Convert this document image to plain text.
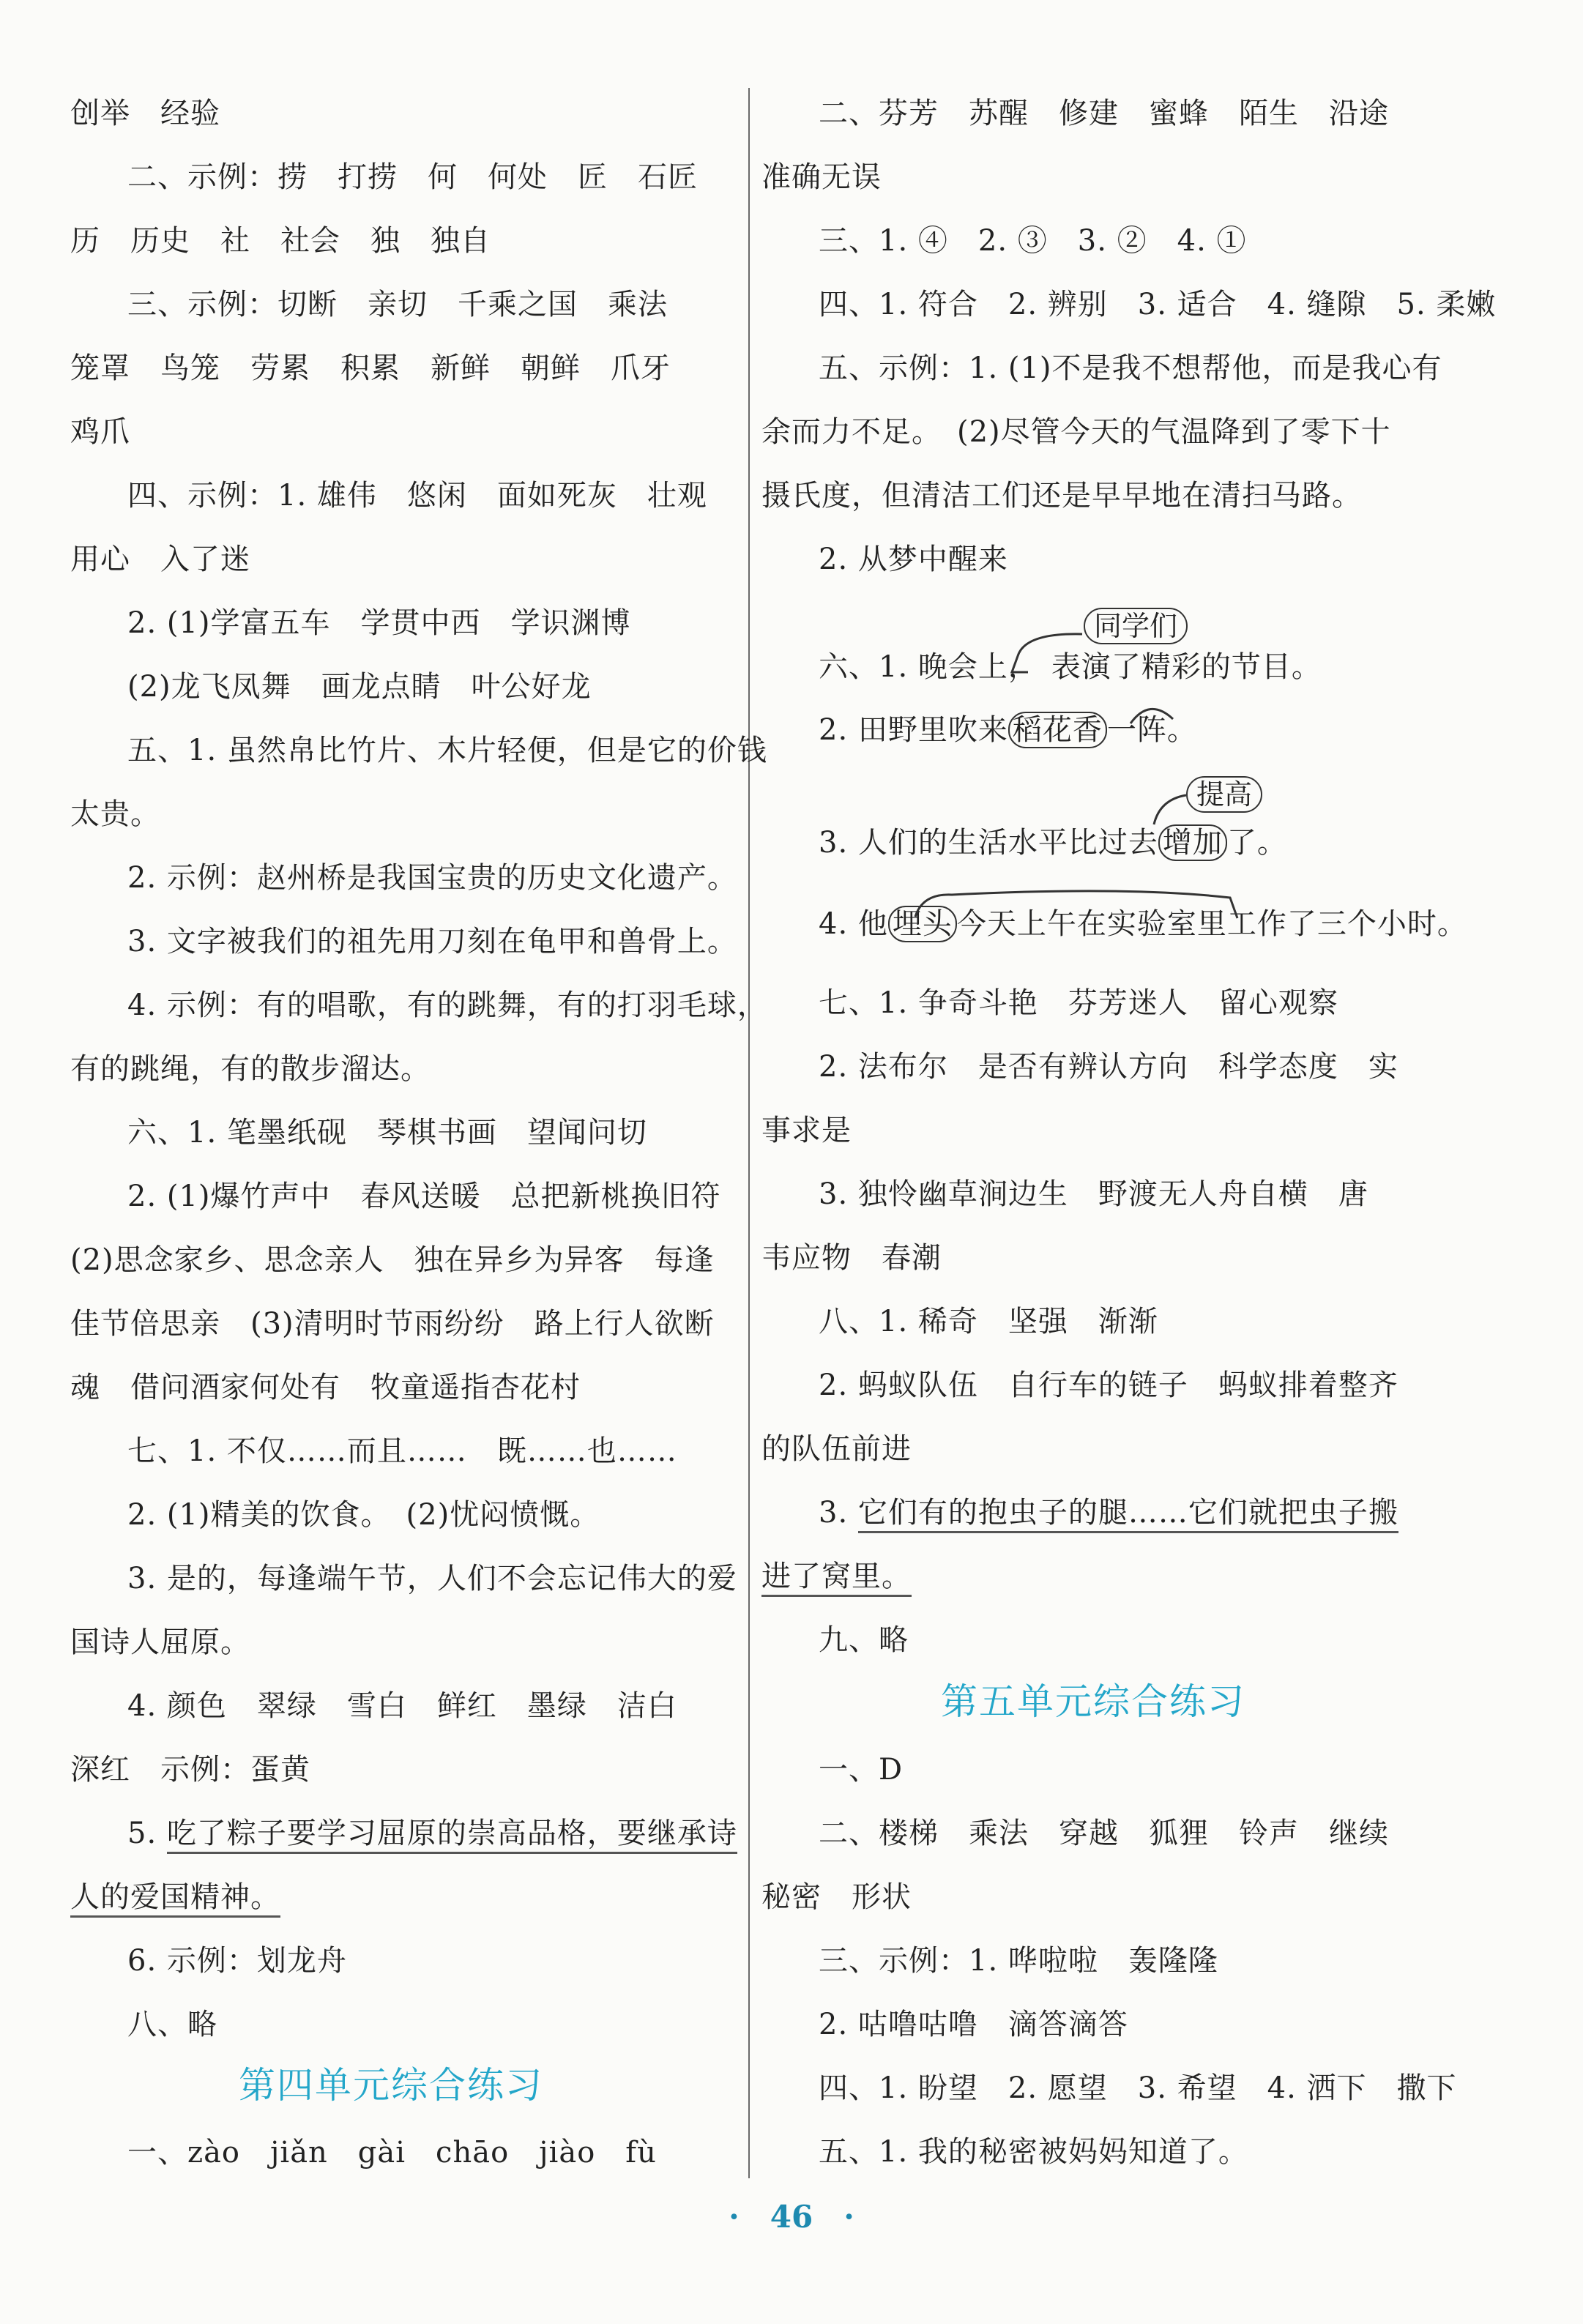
创举　经验
二、示例：捞　打捞　何　何处　匠　石匠
历　历史　社　社会　独　独自
三、示例：切断　亲切　千乘之国　乘法
笼罩　鸟笼　劳累　积累　新鲜　朝鲜　爪牙
鸡爪
四、示例：1. 雄伟　悠闲　面如死灰　壮观
用心　入了迷
2. (1)学富五车　学贯中西　学识渊博
(2)龙飞凤舞　画龙点睛　叶公好龙
五、1. 虽然帛比竹片、木片轻便，但是它的价钱
太贵。
2. 示例：赵州桥是我国宝贵的历史文化遗产。
3. 文字被我们的祖先用刀刻在龟甲和兽骨上。
4. 示例：有的唱歌，有的跳舞，有的打羽毛球，
有的跳绳，有的散步溜达。
六、1. 笔墨纸砚　琴棋书画　望闻问切
2. (1)爆竹声中　春风送暖　总把新桃换旧符
(2)思念家乡、思念亲人　独在异乡为异客　每逢
佳节倍思亲　(3)清明时节雨纷纷　路上行人欲断
魂　借问酒家何处有　牧童遥指杏花村
七、1. 不仅……而且……　既……也……
2. (1)精美的饮食。　(2)忧闷愤慨。
3. 是的，每逢端午节，人们不会忘记伟大的爱
国诗人屈原。
4. 颜色　翠绿　雪白　鲜红　墨绿　洁白
深红　示例：蛋黄
5. 吃了粽子要学习屈原的崇高品格，要继承诗
人的爱国精神。
6. 示例：划龙舟
八、略
第四单元综合练习
一、zào　jiǎn　gài　chāo　jiào　fù
二、芬芳　苏醒　修建　蜜蜂　陌生　沿途
准确无误
三、1. ④　2. ③　3. ②　4. ①
四、1. 符合　2. 辨别　3. 适合　4. 缝隙　5. 柔嫩
五、示例：1. (1)不是我不想帮他，而是我心有
余而力不足。　(2)尽管今天的气温降到了零下十
摄氏度，但清洁工们还是早早地在清扫马路。
2. 从梦中醒来
同学们
六、1. 晚会上， 表演了精彩的节目。
2. 田野里吹来 稻花香 一阵。
提高
3. 人们的生活水平比过去 增加 了。
4. 他 埋头 今天上午在实验室里工作了三个小时。
七、1. 争奇斗艳　芬芳迷人　留心观察
2. 法布尔　是否有辨认方向　科学态度　实
事求是
3. 独怜幽草涧边生　野渡无人舟自横　唐
韦应物　春潮
八、1. 稀奇　坚强　渐渐
2. 蚂蚁队伍　自行车的链子　蚂蚁排着整齐
的队伍前进
3. 它们有的抱虫子的腿……它们就把虫子搬
进了窝里。
九、略
第五单元综合练习
一、D
二、楼梯　乘法　穿越　狐狸　铃声　继续
秘密　形状
三、示例：1. 哗啦啦　轰隆隆
2. 咕噜咕噜　滴答滴答
四、1. 盼望　2. 愿望　3. 希望　4. 洒下　撒下
五、1. 我的秘密被妈妈知道了。
·　46　·
